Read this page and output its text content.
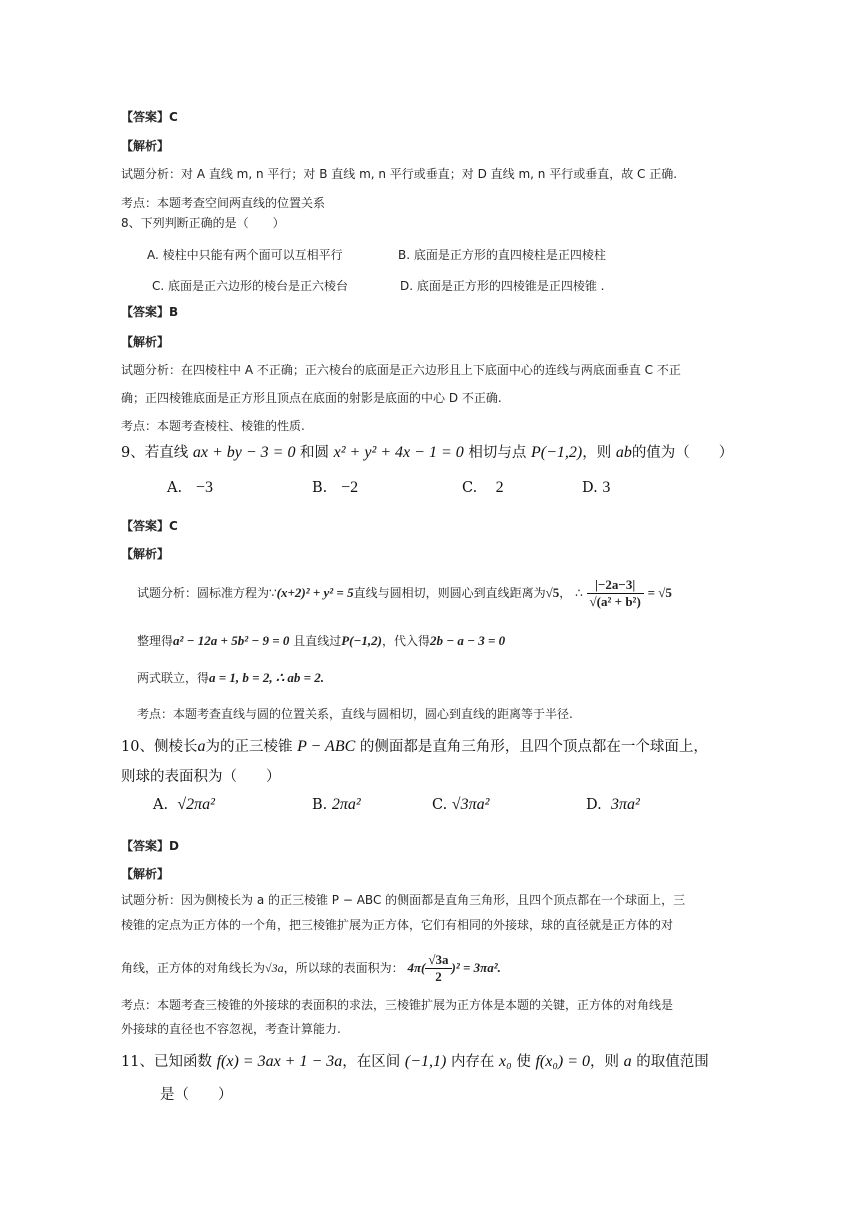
【答案】C
【解析】
试题分析：对 A 直线 m, n 平行；对 B 直线 m, n 平行或垂直；对 D 直线 m, n 平行或垂直，故 C 正确.
考点：本题考查空间两直线的位置关系
8、下列判断正确的是（　　）
A. 棱柱中只能有两个面可以互相平行	B. 底面是正方形的直四棱柱是正四棱柱
C. 底面是正六边形的棱台是正六棱台	D. 底面是正方形的四棱锥是正四棱锥 .
【答案】B
【解析】
试题分析：在四棱柱中 A 不正确；正六棱台的底面是正六边形且上下底面中心的连线与两底面垂直 C 不正
确；正四棱锥底面是正方形且顶点在底面的射影是底面的中心 D 不正确.
考点：本题考查棱柱、棱锥的性质.
9、若直线 ax + by − 3 = 0 和圆 x² + y² + 4x − 1 = 0 相切与点 P(−1,2)，则 ab的值为（　　）
A. −3	B. −2	C. 2	D. 3
【答案】C
【解析】
试题分析：圆标准方程为∵(x+2)² + y² = 5直线与圆相切，则圆心到直线距离为√5， ∴ $\frac{|-2a-3|}{\text{√(a² + b²)}} = √5$
整理得a² − 12a + 5b² − 9 = 0 且直线过P(−1,2)，代入得2b − a − 3 = 0
两式联立，得a = 1, b = 2, ∴ ab = 2.
考点：本题考查直线与圆的位置关系，直线与圆相切，圆心到直线的距离等于半径.
10、侧棱长a为的正三棱锥 P − ABC 的侧面都是直角三角形，且四个顶点都在一个球面上，
则球的表面积为（　　）
A. √2πa²	B. 2πa²	C. √3πa²	D. 3πa²
【答案】D
【解析】
试题分析：因为侧棱长为 a 的正三棱锥 P − ABC 的侧面都是直角三角形，且四个顶点都在一个球面上，三
棱锥的定点为正方体的一个角，把三棱锥扩展为正方体，它们有相同的外接球，球的直径就是正方体的对
角线，正方体的对角线长为√3a，所以球的表面积为： $4\pi( \frac{√3a}{2} )^2 = 3\pi a^2$.
考点：本题考查三棱锥的外接球的表面积的求法，三棱锥扩展为正方体是本题的关键，正方体的对角线是
外接球的直径也不容忽视，考查计算能力.
11、已知函数 f(x) = 3ax + 1 − 3a，在区间 (−1,1) 内存在 x₀ 使 f(x₀) = 0，则 a 的取值范围
是（　　）
